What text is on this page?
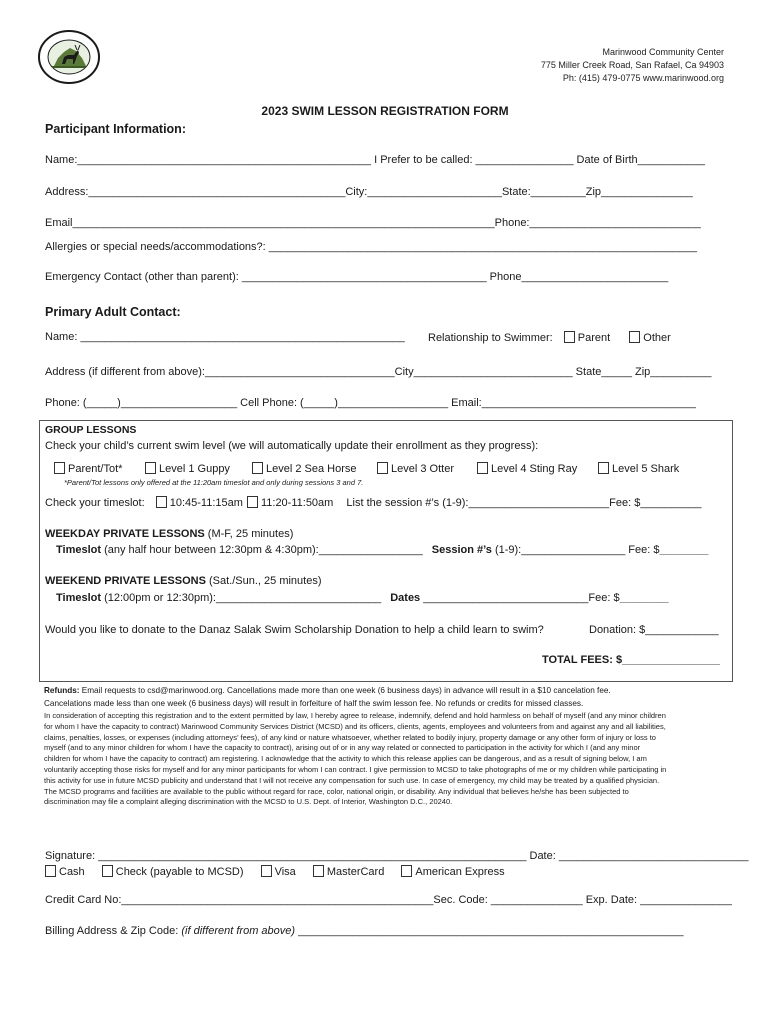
Marinwood Community Center
775 Miller Creek Road, San Rafael, Ca 94903
Ph: (415) 479-0775 www.marinwood.org
2023 SWIM LESSON REGISTRATION FORM
Participant Information:
Name:________________________________________________ I Prefer to be called: ________________ Date of Birth___________
Address:__________________________________________City:______________________State:_________Zip_______________
Email_____________________________________________________________________Phone:____________________________
Allergies or special needs/accommodations?: ______________________________________________________________________
Emergency Contact (other than parent): ________________________________________ Phone________________________
Primary Adult Contact:
Name: _____________________________________________________ Relationship to Swimmer: Parent	Other
Address (if different from above):_______________________________City__________________________ State_____ Zip__________
Phone: (_____)___________________ Cell Phone: (_____)__________________ Email:___________________________________
GROUP LESSONS
Check your child’s current swim level (we will automatically update their enrollment as they progress):
Parent/Tot*	Level 1 Guppy	Level 2 Sea Horse	Level 3 Otter	Level 4 Sting Ray	Level 5 Shark
*Parent/Tot lessons only offered at the 11:20am timeslot and only during sessions 3 and 7.
Check your timeslot: 10:45-11:15am 11:20-11:50am List the session #’s (1-9):_______________________Fee: $__________
WEEKDAY PRIVATE LESSONS (M-F, 25 minutes)
Timeslot (any half hour between 12:30pm & 4:30pm):_________________ Session #’s (1-9):_________________ Fee: $________
WEEKEND PRIVATE LESSONS (Sat./Sun., 25 minutes)
Timeslot (12:00pm or 12:30pm):___________________________ Dates ___________________________Fee: $________
Would you like to donate to the Danaz Salak Swim Scholarship Donation to help a child learn to swim?	Donation: $____________
TOTAL FEES: $________________
Refunds: Email requests to csd@marinwood.org. Cancellations made more than one week (6 business days) in advance will result in a $10 cancelation fee.
Cancelations made less than one week (6 business days) will result in forfeiture of half the swim lesson fee. No refunds or credits for missed classes.
In consideration of accepting this registration and to the extent permitted by law, I hereby agree to release, indemnify, defend and hold harmless on behalf of myself (and any minor children
for whom I have the capacity to contract) Marinwood Community Services District (MCSD) and its officers, clients, agents, employees and volunteers from and against any and all liabilities,
claims, penalties, losses, or expenses (including attorneys’ fees), of any kind or nature whatsoever, whether related to bodily injury, property damage or any other form of injury or loss to
myself (and to any minor children for whom I have the capacity to contract), arising out of or in any way related or connected to participation in the activity for which I (and any minor
children for whom I have the capacity to contract) am registering. I acknowledge that the activity to which this release applies can be dangerous, and as a result of signing below, I am
voluntarily accepting those risks for myself and for any minor participants for whom I can contract. I give permission to MCSD to take photographs of me or my children while participating in
this activity for use in future MCSD publicity and understand that I will not receive any compensation for such use. In case of emergency, my child may be treated by a qualified physician.
The MCSD programs and facilities are available to the public without regard for race, color, national origin, or disability. Any individual that believes he/she has been subjected to
discrimination may file a complaint alleging discrimination with the MCSD to U.S. Dept. of Interior, Washington D.C., 20240.
Signature: ______________________________________________________________________ Date: _______________________________
Cash	Check (payable to MCSD)	Visa	MasterCard	American Express
Credit Card No:___________________________________________________Sec. Code: _______________ Exp. Date: _______________
Billing Address & Zip Code: (if different from above) _______________________________________________________________
